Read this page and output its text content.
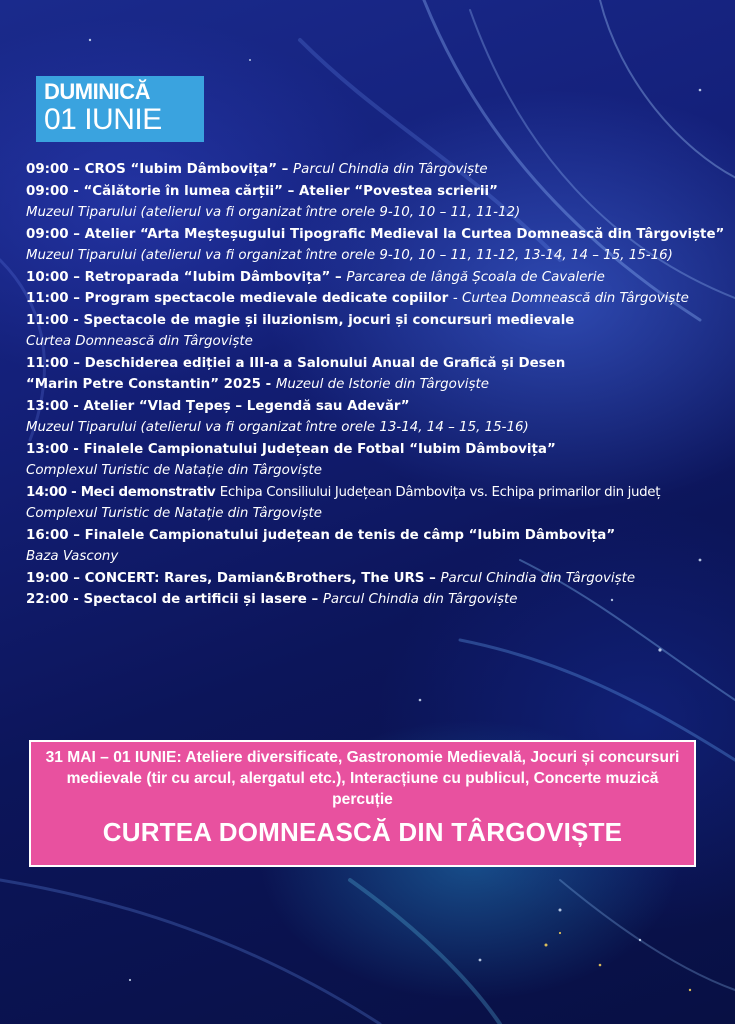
DUMINICĂ
01 IUNIE
09:00 – CROS “Iubim Dâmbovița” – Parcul Chindia din Târgoviște
09:00 - “Călătorie în lumea cărții” – Atelier “Povestea scrierii”
Muzeul Tiparului (atelierul va fi organizat între orele 9-10, 10 – 11, 11-12)
09:00 – Atelier “Arta Meșteșugului Tipografic Medieval la Curtea Domnească din Târgoviște”
Muzeul Tiparului (atelierul va fi organizat între orele 9-10, 10 – 11, 11-12, 13-14, 14 – 15, 15-16)
10:00 – Retroparada “Iubim Dâmbovița” – Parcarea de lângă Școala de Cavalerie
11:00 – Program spectacole medievale dedicate copiilor - Curtea Domnească din Târgoviște
11:00 - Spectacole de magie și iluzionism, jocuri și concursuri medievale
Curtea Domnească din Târgoviște
11:00 – Deschiderea ediției a III-a a Salonului Anual de Grafică și Desen
“Marin Petre Constantin” 2025 - Muzeul de Istorie din Târgoviște
13:00 - Atelier “Vlad Țepeș – Legendă sau Adevăr”
Muzeul Tiparului (atelierul va fi organizat între orele 13-14, 14 – 15, 15-16)
13:00 - Finalele Campionatului Județean de Fotbal “Iubim Dâmbovița”
Complexul Turistic de Natație din Târgoviște
14:00 - Meci demonstrativ Echipa Consiliului Județean Dâmbovița vs. Echipa primarilor din județ
Complexul Turistic de Natație din Târgoviște
16:00 – Finalele Campionatului județean de tenis de câmp “Iubim Dâmbovița”
Baza Vascony
19:00 – CONCERT: Rares, Damian&Brothers, The URS – Parcul Chindia din Târgoviște
22:00 - Spectacol de artificii și lasere – Parcul Chindia din Târgoviște
31 MAI – 01 IUNIE: Ateliere diversificate, Gastronomie Medievală, Jocuri și concursuri medievale (tir cu arcul, alergatul etc.), Interacțiune cu publicul, Concerte muzică percuție
CURTEA DOMNEASCĂ DIN TÂRGOVIȘTE
